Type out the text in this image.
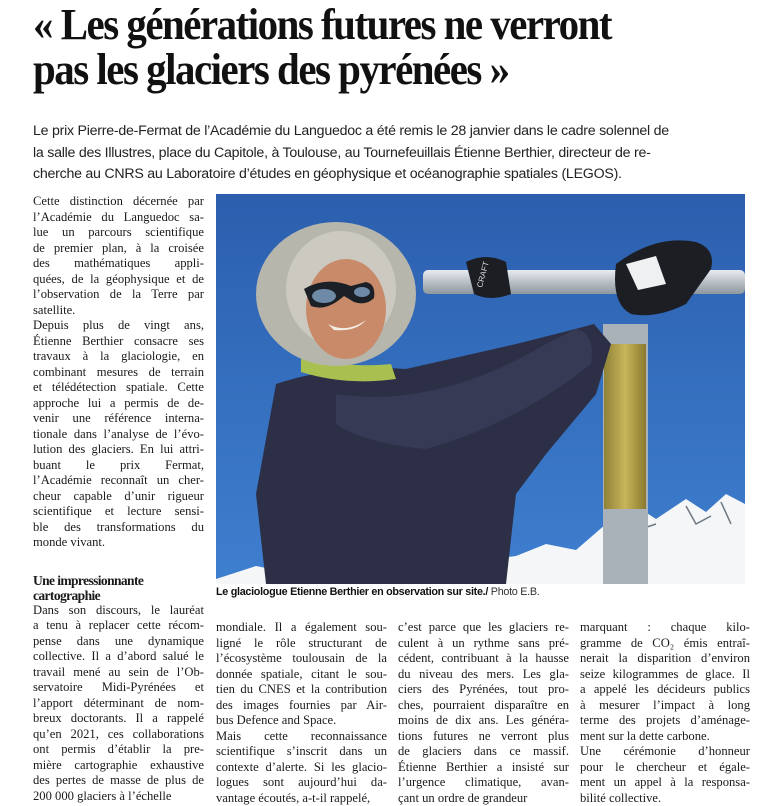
« Les générations futures ne verront
pas les glaciers des pyrénées »
Le prix Pierre-de-Fermat de l’Académie du Languedoc a été remis le 28 janvier dans le cadre solennel de
la salle des Illustres, place du Capitole, à Toulouse, au Tournefeuillais Étienne Berthier, directeur de re-
cherche au CNRS au Laboratoire d’études en géophysique et océanographie spatiales (LEGOS).
Cette distinction décernée par
l’Académie du Languedoc sa-
lue un parcours scientifique
de premier plan, à la croisée
des mathématiques appli-
quées, de la géophysique et de
l’observation de la Terre par
satellite.
Depuis plus de vingt ans,
Étienne Berthier consacre ses
travaux à la glaciologie, en
combinant mesures de terrain
et télédétection spatiale. Cette
approche lui a permis de de-
venir une référence interna-
tionale dans l’analyse de l’évo-
lution des glaciers. En lui attri-
buant le prix Fermat,
l’Académie reconnaît un cher-
cheur capable d’unir rigueur
scientifique et lecture sensi-
ble des transformations du
monde vivant.
Une impressionnante
cartographie
Dans son discours, le lauréat
a tenu à replacer cette récom-
pense dans une dynamique
collective. Il a d’abord salué le
travail mené au sein de l’Ob-
servatoire Midi-Pyrénées et
l’apport déterminant de nom-
breux doctorants. Il a rappelé
qu’en 2021, ces collaborations
ont permis d’établir la pre-
mière cartographie exhaustive
des pertes de masse de plus de
200 000 glaciers à l’échelle
CRAFT
Le glaciologue Etienne Berthier en observation sur site./ Photo E.B.
mondiale. Il a également sou-
ligné le rôle structurant de
l’écosystème toulousain de la
donnée spatiale, citant le sou-
tien du CNES et la contribution
des images fournies par Air-
bus Defence and Space.
Mais cette reconnaissance
scientifique s’inscrit dans un
contexte d’alerte. Si les glacio-
logues sont aujourd’hui da-
vantage écoutés, a-t-il rappelé,
c’est parce que les glaciers re-
culent à un rythme sans pré-
cédent, contribuant à la hausse
du niveau des mers. Les gla-
ciers des Pyrénées, tout pro-
ches, pourraient disparaître en
moins de dix ans. Les généra-
tions futures ne verront plus
de glaciers dans ce massif.
Étienne Berthier a insisté sur
l’urgence climatique, avan-
çant un ordre de grandeur
marquant : chaque kilo-
gramme de CO₂ émis entraî-
nerait la disparition d’environ
seize kilogrammes de glace. Il
a appelé les décideurs publics
à mesurer l’impact à long
terme des projets d’aménage-
ment sur la dette carbone.
Une cérémonie d’honneur
pour le chercheur et égale-
ment un appel à la responsa-
bilité collective.
